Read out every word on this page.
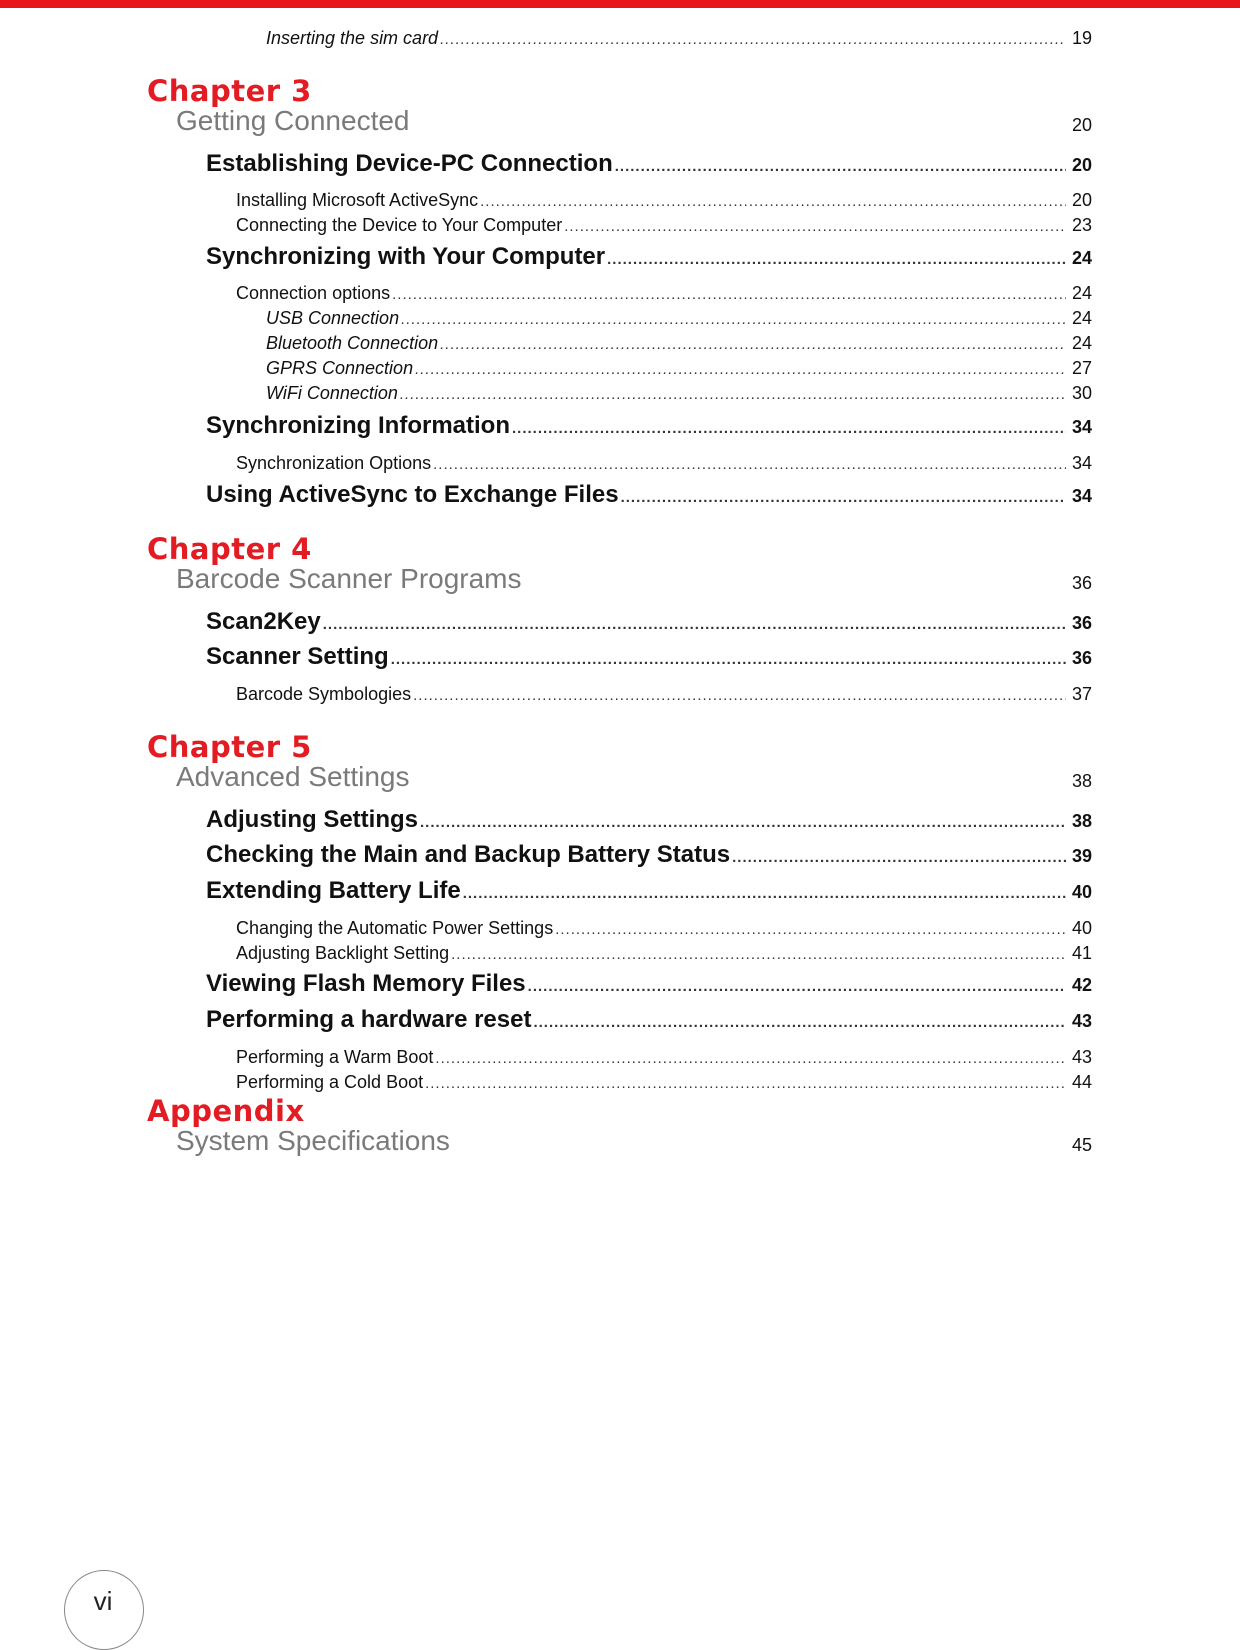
Inserting the sim card .....	19
Chapter 3
Getting Connected	20
Establishing Device-PC Connection .....	20
Installing Microsoft ActiveSync .....	20
Connecting the Device to Your Computer .....	23
Synchronizing with Your Computer .....	24
Connection options .....	24
USB Connection .....	24
Bluetooth Connection .....	24
GPRS Connection .....	27
WiFi Connection .....	30
Synchronizing Information .....	34
Synchronization Options .....	34
Using ActiveSync to Exchange Files .....	34
Chapter 4
Barcode Scanner Programs	36
Scan2Key .....	36
Scanner Setting .....	36
Barcode Symbologies .....	37
Chapter 5
Advanced Settings	38
Adjusting Settings .....	38
Checking the Main and Backup Battery Status .....	39
Extending Battery Life .....	40
Changing the Automatic Power Settings .....	40
Adjusting Backlight Setting .....	41
Viewing Flash Memory Files .....	42
Performing a hardware reset .....	43
Performing a Warm Boot .....	43
Performing a Cold Boot .....	44
Appendix
System Specifications	45
vi
